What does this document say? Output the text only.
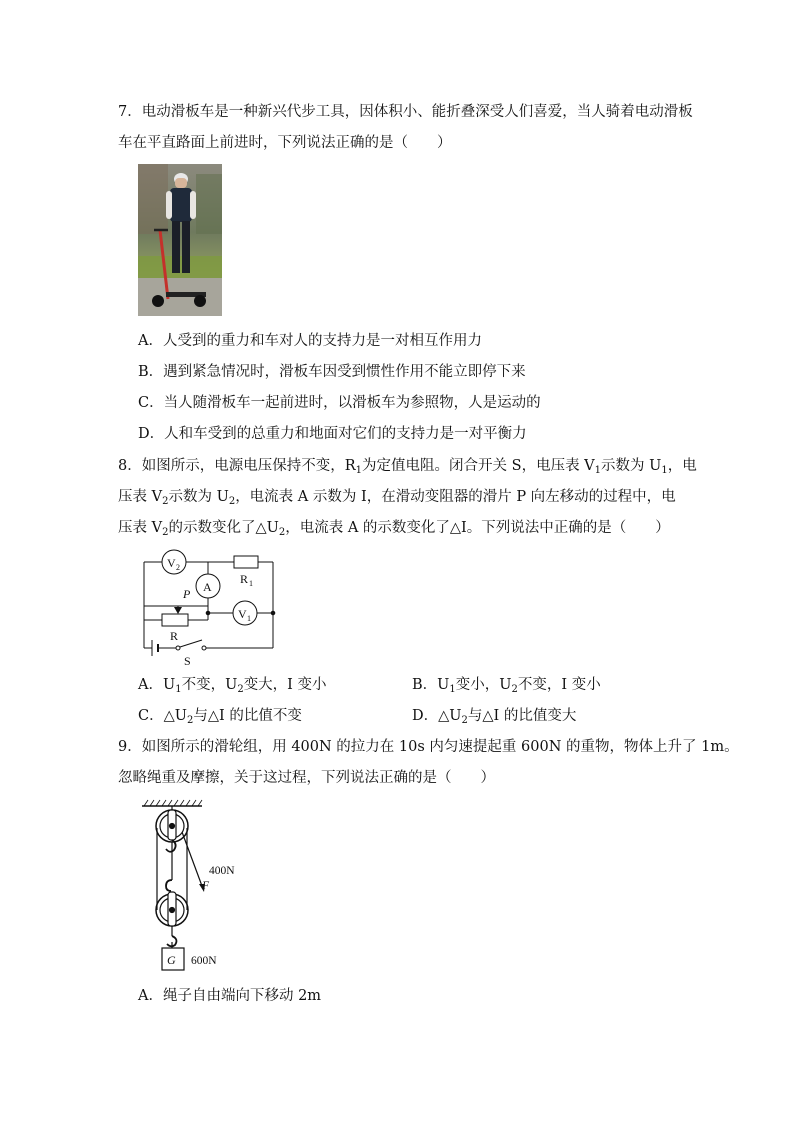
7．电动滑板车是一种新兴代步工具，因体积小、能折叠深受人们喜爱，当人骑着电动滑板
车在平直路面上前进时，下列说法正确的是（　　）
A．人受到的重力和车对人的支持力是一对相互作用力
B．遇到紧急情况时，滑板车因受到惯性作用不能立即停下来
C．当人随滑板车一起前进时，以滑板车为参照物，人是运动的
D．人和车受到的总重力和地面对它们的支持力是一对平衡力
8．如图所示，电源电压保持不变，$R_1$为定值电阻。闭合开关 S，电压表 $V_1$示数为 $U_1$，电
压表 $V_2$示数为 $U_2$，电流表 A 示数为 I，在滑动变阻器的滑片 P 向左移动的过程中，电
压表 $V_2$的示数变化了$\triangle U_2$，电流表 A 的示数变化了△I。下列说法中正确的是（　　）
V 2
R 1
A
P
R
V 1
S
A．$U_1$不变，$U_2$变大，I 变小	B．$U_1$变小，$U_2$不变，I 变小
C．$\triangle U_2$与△I 的比值不变	D．$\triangle U_2$与△I 的比值变大
9．如图所示的滑轮组，用 400N 的拉力在 10s 内匀速提起重 600N 的重物，物体上升了 1m。
忽略绳重及摩擦，关于这过程，下列说法正确的是（　　）
400N
F
G 600N
A．绳子自由端向下移动 2m
